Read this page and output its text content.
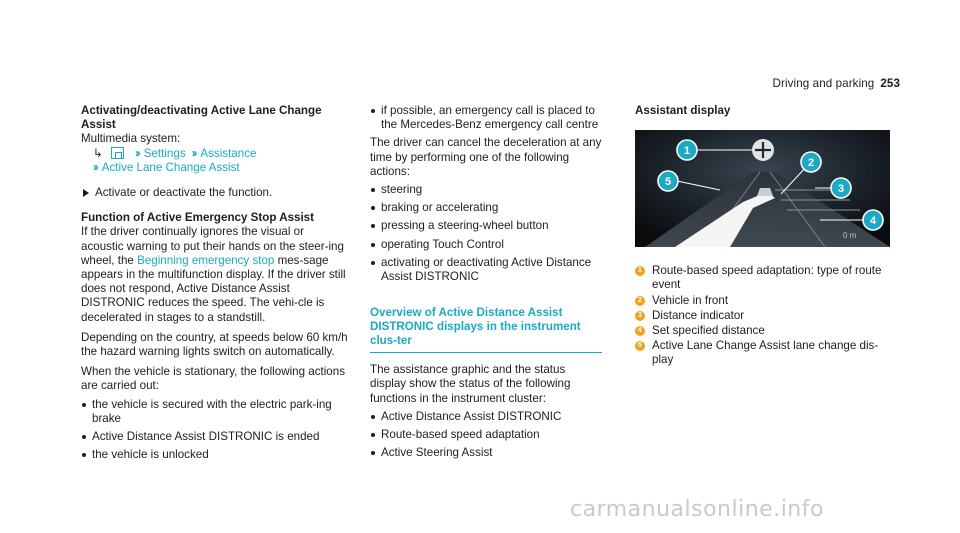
Driving and parking 253
Activating/deactivating Active Lane Change Assist
Multimedia system:
↳	›› Settings ›› Assistance
›› Active Lane Change Assist
Activate or deactivate the function.
Function of Active Emergency Stop Assist
If the driver continually ignores the visual or acoustic warning to put their hands on the steer-ing wheel, the Beginning emergency stop mes-sage appears in the multifunction display. If the driver still does not respond, Active Distance Assist DISTRONIC reduces the speed. The vehi-cle is decelerated in stages to a standstill.
Depending on the country, at speeds below 60 km/h the hazard warning lights switch on automatically.
When the vehicle is stationary, the following actions are carried out:
the vehicle is secured with the electric park-ing brake
Active Distance Assist DISTRONIC is ended
the vehicle is unlocked
if possible, an emergency call is placed to the Mercedes-Benz emergency call centre
The driver can cancel the deceleration at any time by performing one of the following actions:
steering
braking or accelerating
pressing a steering-wheel button
operating Touch Control
activating or deactivating Active Distance Assist DISTRONIC
Overview of Active Distance Assist DISTRONIC displays in the instrument clus-ter
The assistance graphic and the status display show the status of the following functions in the instrument cluster:
Active Distance Assist DISTRONIC
Route-based speed adaptation
Active Steering Assist
Assistant display
0 m
1
2
3
4
5
1 Route-based speed adaptation: type of route event
2 Vehicle in front
3 Distance indicator
4 Set specified distance
5 Active Lane Change Assist lane change dis-play
carmanualsonline.info
